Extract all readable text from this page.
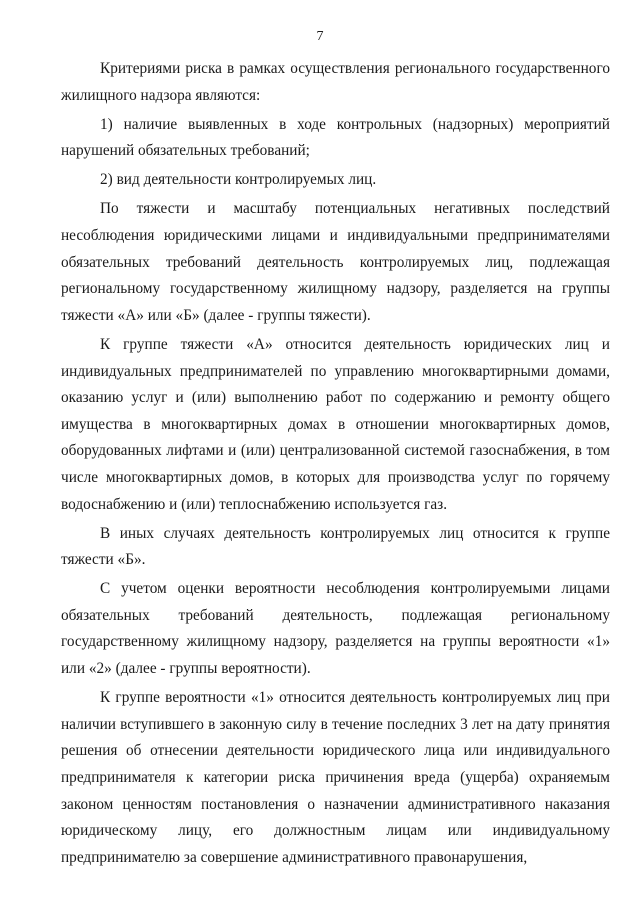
7

Критериями риска в рамках осуществления регионального государственного жилищного надзора являются:

1) наличие выявленных в ходе контрольных (надзорных) мероприятий нарушений обязательных требований;

2) вид деятельности контролируемых лиц.

По тяжести и масштабу потенциальных негативных последствий несоблюдения юридическими лицами и индивидуальными предпринимателями обязательных требований деятельность контролируемых лиц, подлежащая региональному государственному жилищному надзору, разделяется на группы тяжести «А» или «Б» (далее - группы тяжести).

К группе тяжести «А» относится деятельность юридических лиц и индивидуальных предпринимателей по управлению многоквартирными домами, оказанию услуг и (или) выполнению работ по содержанию и ремонту общего имущества в многоквартирных домах в отношении многоквартирных домов, оборудованных лифтами и (или) централизованной системой газоснабжения, в том числе многоквартирных домов, в которых для производства услуг по горячему водоснабжению и (или) теплоснабжению используется газ.

В иных случаях деятельность контролируемых лиц относится к группе тяжести «Б».

С учетом оценки вероятности несоблюдения контролируемыми лицами обязательных требований деятельность, подлежащая региональному государственному жилищному надзору, разделяется на группы вероятности «1» или «2» (далее - группы вероятности).

К группе вероятности «1» относится деятельность контролируемых лиц при наличии вступившего в законную силу в течение последних 3 лет на дату принятия решения об отнесении деятельности юридического лица или индивидуального предпринимателя к категории риска причинения вреда (ущерба) охраняемым законом ценностям постановления о назначении административного наказания юридическому лицу, его должностным лицам или индивидуальному предпринимателю за совершение административного правонарушения,
